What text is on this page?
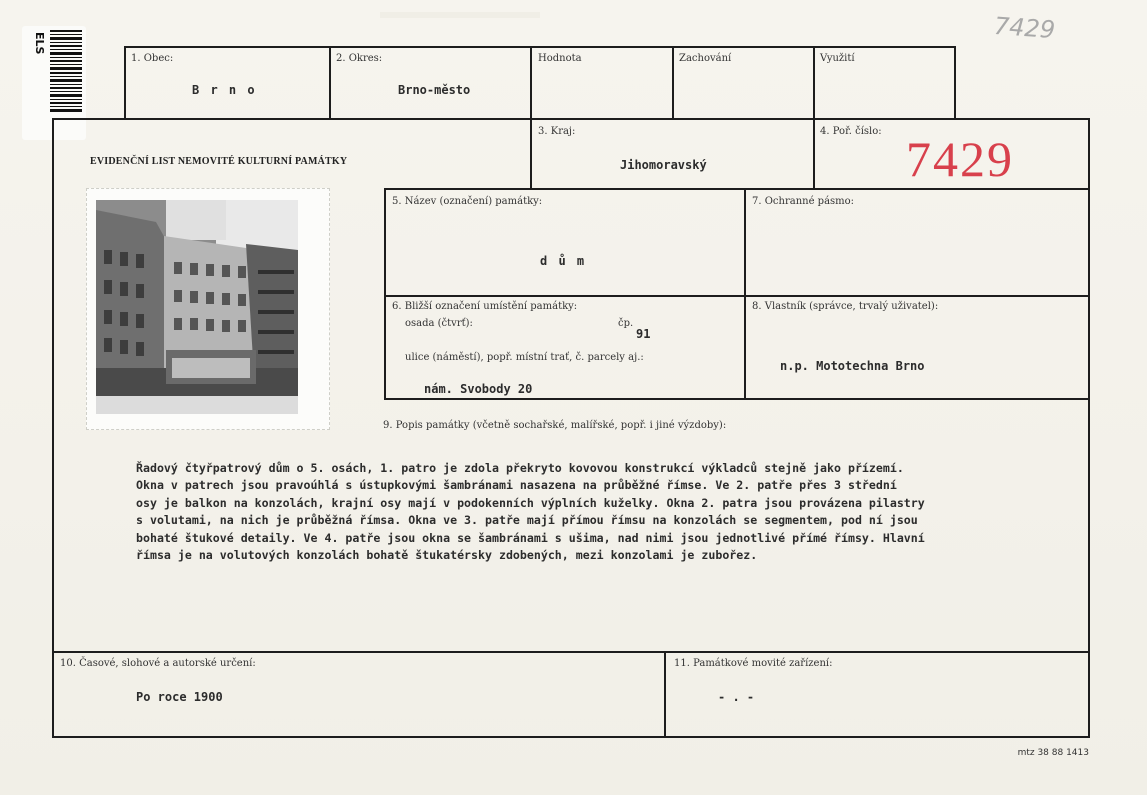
ELS	7429
1. Obec:
B r n o
2. Okres:
Brno-město
Hodnota	Zachování	Využití
EVIDENČNÍ LIST NEMOVITÉ KULTURNÍ PAMÁTKY
3. Kraj:
Jihomoravský
4. Poř. číslo: 7429
5. Název (označení) památky:
d ů m
7. Ochranné pásmo:
6. Bližší označení umístění památky:
osada (čtvrť):	čp.
91
ulice (náměstí), popř. místní trať, č. parcely aj.:
nám. Svobody 20
8. Vlastník (správce, trvalý uživatel):
n.p. Mototechna Brno
9. Popis památky (včetně sochařské, malířské, popř. i jiné výzdoby):
Řadový čtyřpatrový dům o 5. osách, 1. patro je zdola překryto kovovou konstrukcí výkladců stejně jako přízemí.
Okna v patrech jsou pravoúhlá s ústupkovými šambránami nasazena na průběžné římse. Ve 2. patře přes 3 střední
osy je balkon na konzolách, krajní osy mají v podokenních výplních kuželky. Okna 2. patra jsou provázena pilastry
s volutami, na nich je průběžná římsa. Okna ve 3. patře mají přímou římsu na konzolách se segmentem, pod ní jsou
bohaté štukové detaily. Ve 4. patře jsou okna se šambránami s ušima, nad nimi jsou jednotlivé přímé římsy. Hlavní
římsa je na volutových konzolách bohatě štukatérsky zdobených, mezi konzolami je zubořez.
10. Časové, slohové a autorské určení:
Po roce 1900
11. Památkové movité zařízení:
- . -
mtz 38 88 1413
